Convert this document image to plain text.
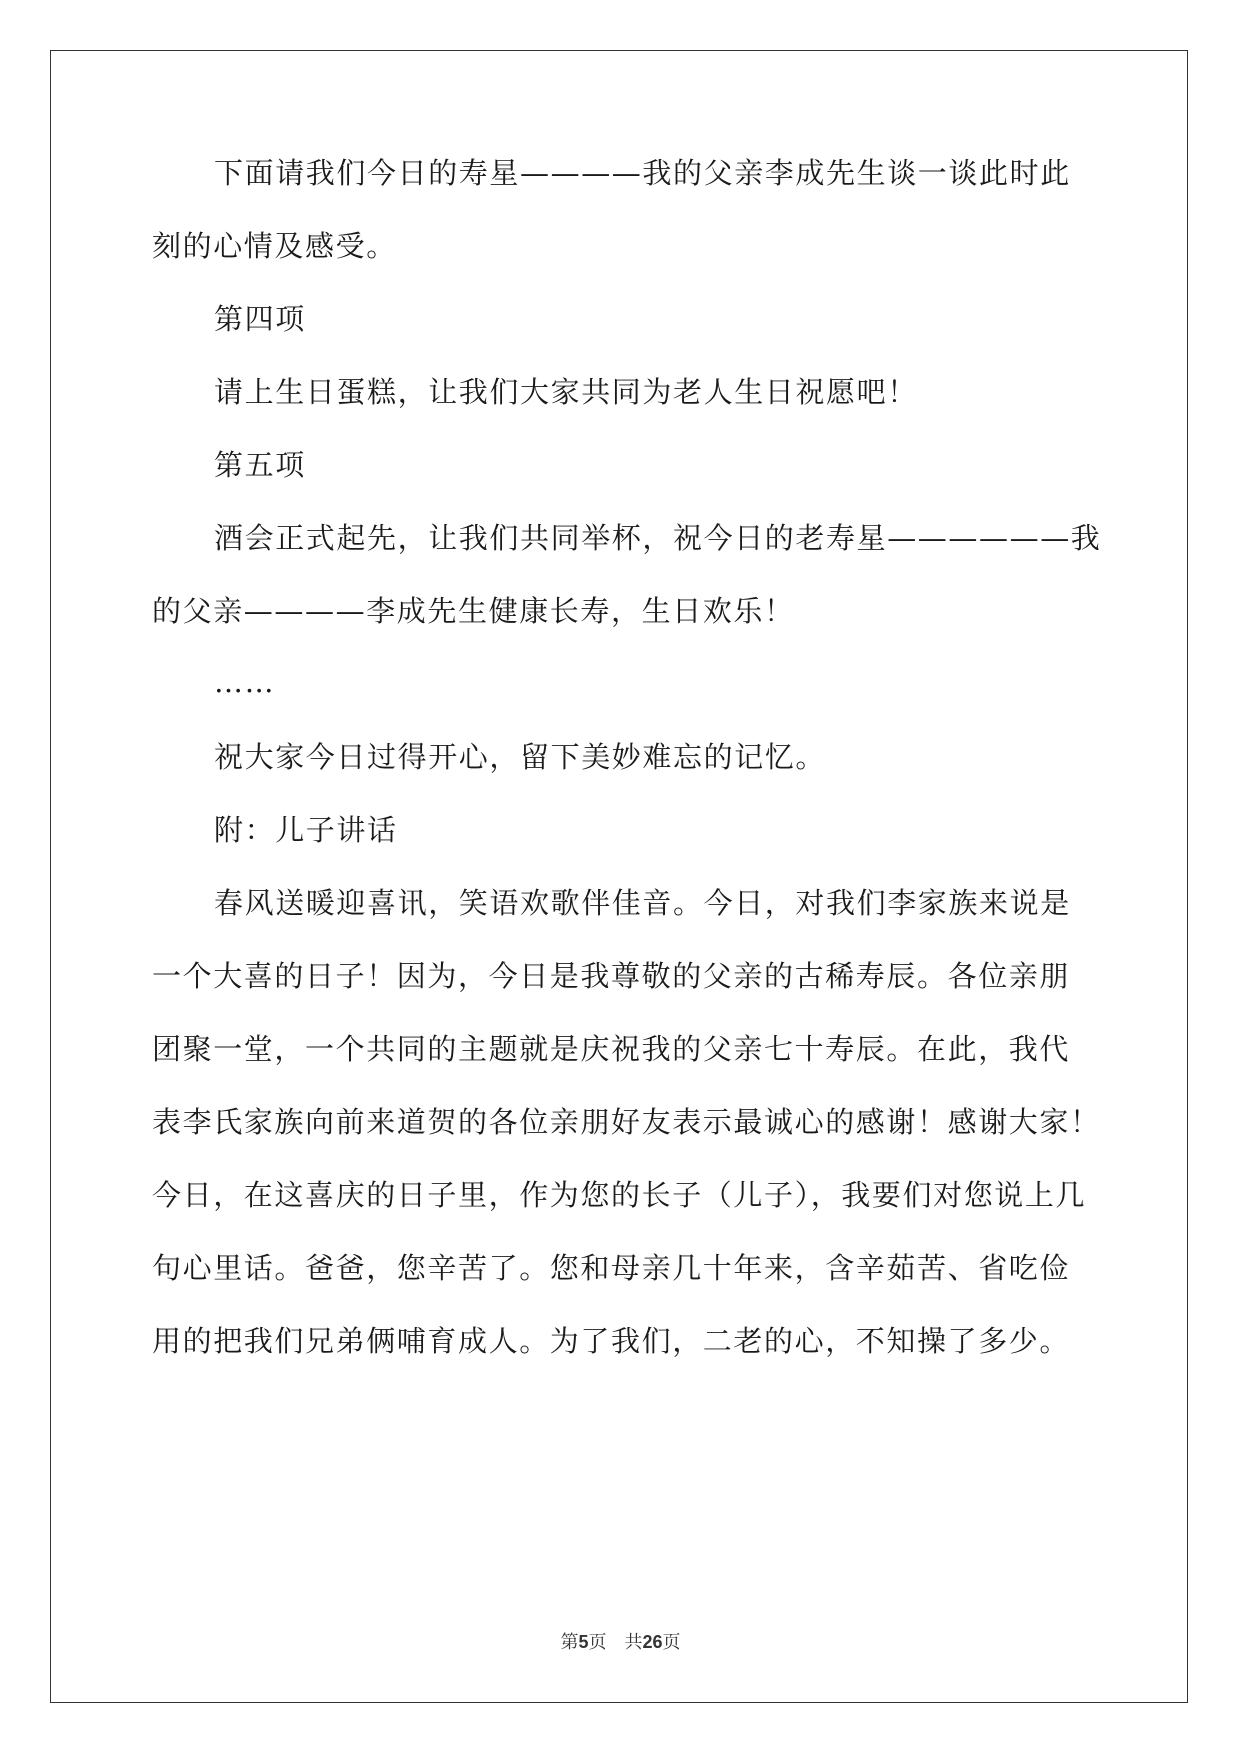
下面请我们今日的寿星————我的父亲李成先生谈一谈此时此
刻的心情及感受。
第四项
请上生日蛋糕，让我们大家共同为老人生日祝愿吧！
第五项
酒会正式起先，让我们共同举杯，祝今日的老寿星——————我
的父亲————李成先生健康长寿，生日欢乐！
……
祝大家今日过得开心，留下美妙难忘的记忆。
附：儿子讲话
春风送暖迎喜讯，笑语欢歌伴佳音。今日，对我们李家族来说是
一个大喜的日子！因为，今日是我尊敬的父亲的古稀寿辰。各位亲朋
团聚一堂，一个共同的主题就是庆祝我的父亲七十寿辰。在此，我代
表李氏家族向前来道贺的各位亲朋好友表示最诚心的感谢！感谢大家！
今日，在这喜庆的日子里，作为您的长子（儿子），我要们对您说上几
句心里话。爸爸，您辛苦了。您和母亲几十年来，含辛茹苦、省吃俭
用的把我们兄弟俩哺育成人。为了我们，二老的心，不知操了多少。
第5页　共26页
